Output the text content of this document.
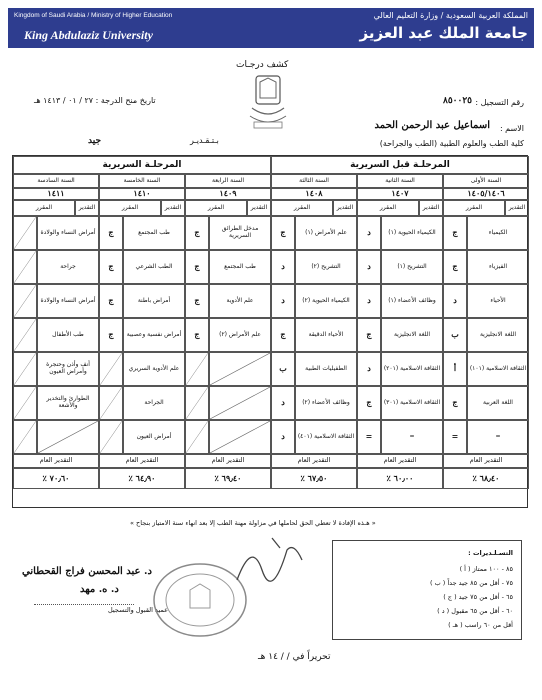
Kingdom of Saudi Arabia / Ministry of Higher Education
King Abdulaziz University
المملكة العربية السعودية / وزارة التعليم العالي
جامعة الملك عبد العزيز
كشف درجـات
رقم التسجيل :
٨٥٠٠٢٥
الاسم :
اسماعيل عبد الرحمن الحمد
كلية الطب والعلوم الطبية (الطب والجراحة)
تاريخ منح الدرجة : ٢٧ / ٠١ / ١٤١٣ هـ
بـتـقـديـر
جيد
المرحلـة قبل السريرية
المرحلـة السريرية
السنة الأولى
١٤٠٥/١٤٠٦
التقدير
المقرر
السنة الثانية
١٤٠٧
التقدير
المقرر
السنة الثالثة
١٤٠٨
التقدير
المقرر
السنة الرابعة
١٤٠٩
التقدير
المقرر
السنة الخامسة
١٤١٠
التقدير
المقرر
السنة السادسة
١٤١١
التقدير
المقرر
الكيمياء
ج
الكيمياء الحيوية (١)
د
علم الأمراض (١)
ج
مدخل الطرائق السريرية
ج
طب المجتمع
ج
أمراض النساء والولادة
الفيزياء
ج
التشريح (١)
د
التشريح (٢)
د
طب المجتمع
ج
الطب الشرعي
ج
جراحة
الأحياء
د
وظائف الأعضاء (١)
د
الكيمياء الحيوية (٢)
د
علم الأدوية
ج
أمراض باطنة
ج
أمراض النساء والولادة
اللغة الانجليزية
ب
اللغة الانجليزية
ج
الأحياء الدقيقة
ج
علم الأمراض (٢)
ج
أمراض نفسية وعصبية
ج
طب الأطفال
الثقافة الاسلامية (١٠١)
أ
الثقافة الاسلامية (٢٠١)
د
الطفيليات الطبية
ب
علم الأدوية السريري
أنف وأذن وحنجرة وأمراض العيون
اللغة العربية
ج
الثقافة الاسلامية (٣٠١)
ج
وظائف الأعضاء (٢)
د
الجراحة
الطوارئ والتخدير والأشعة
=
=
=
=
الثقافة الاسلامية (٤٠١)
د
أمراض العيون
التقدير العام
٪ ٦٨٫٤٠
التقدير العام
٪ ٦٠٫٠٠
التقدير العام
٪ ٦٧٫٥٠
التقدير العام
٪ ٦٩٫٤٠
التقدير العام
٪ ٦٤٫٩٠
التقدير العام
٪ ٧٠٫٦٠
« هـذه الإفادة لا تعطي الحق لحاملها في مزاولة مهنة الطب إلا بعد انهاء سنة الامتياز بنجاح »
التسـلـديرات :
٨٥ - ١٠٠ ممتاز ( أ )
٧٥ - أقل من ٨٥ جيد جداً ( ب )
٦٥ - أقل من ٧٥ جيد ( ج )
٦٠ - أقل من ٦٥ مقبول ( د )
أقل من ٦٠ راسب ( هـ )
د. عبد المحسن فراج القحطاني
د. ه. مهد
عميد القبول والتسجيل
تحريراً في / / ١٤ هـ
